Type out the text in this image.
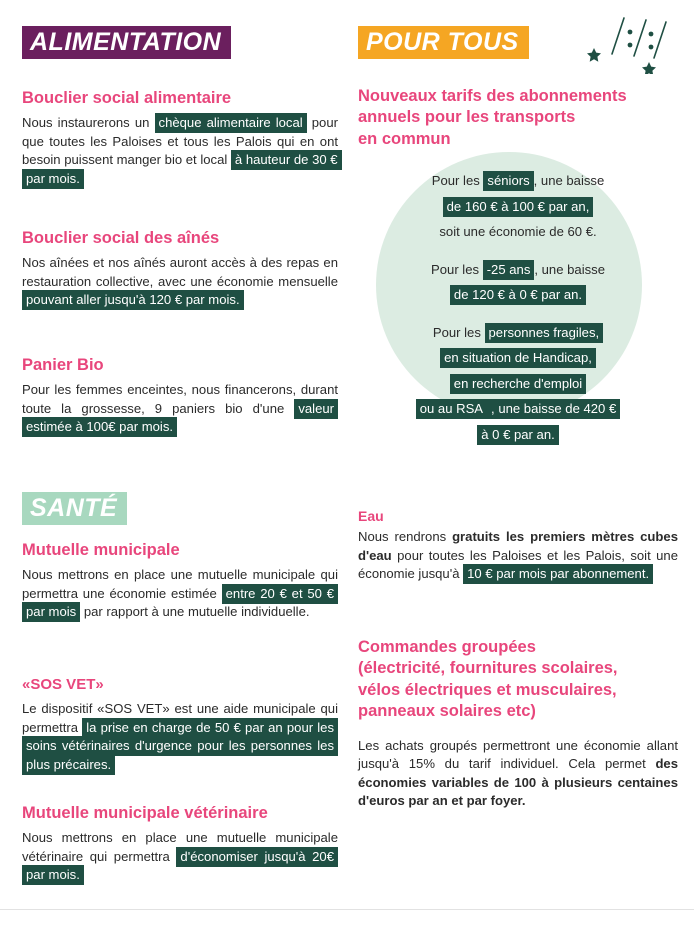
ALIMENTATION
Bouclier social alimentaire

Nous instaurerons un chèque alimentaire local pour que toutes les Paloises et tous les Palois qui en ont besoin puissent manger bio et local à hauteur de 30 € par mois.

Bouclier social des aînés

Nos aînées et nos aînés auront accès à des repas en restauration collective, avec une économie mensuelle pouvant aller jusqu'à 120 € par mois.

Panier Bio

Pour les femmes enceintes, nous financerons, durant toute la grossesse, 9 paniers bio d'une valeur estimée à 100€ par mois.

SANTÉ
Mutuelle municipale

Nous mettrons en place une mutuelle municipale qui permettra une économie estimée entre 20 € et 50 € par mois par rapport à une mutuelle individuelle.

«SOS VET»

Le dispositif «SOS VET» est une aide municipale qui permettra la prise en charge de 50 € par an pour les soins vétérinaires d'urgence pour les personnes les plus précaires.

Mutuelle municipale vétérinaire

Nous mettrons en place une mutuelle municipale vétérinaire qui permettra d'économiser jusqu'à 20€ par mois.

POUR TOUS
Nouveaux tarifs des abonnements
annuels pour les transports
en commun
Pour les séniors , une baisse
de 160 € à 100 € par an,
soit une économie de 60 €.
Pour les -25 ans , une baisse
de 120 € à 0 € par an.
Pour les personnes fragiles,
en situation de Handicap,
en recherche d'emploi
ou au RSA , une baisse de 420 €
à 0 € par an.
Eau

Nous rendrons gratuits les premiers mètres cubes d'eau pour toutes les Paloises et les Palois, soit une économie jusqu'à 10 € par mois par abonnement.

Commandes groupées
(électricité, fournitures scolaires,
vélos électriques et musculaires,
panneaux solaires etc)

Les achats groupés permettront une économie allant jusqu'à 15% du tarif individuel. Cela permet des économies variables de 100 à plusieurs centaines d'euros par an et par foyer.
